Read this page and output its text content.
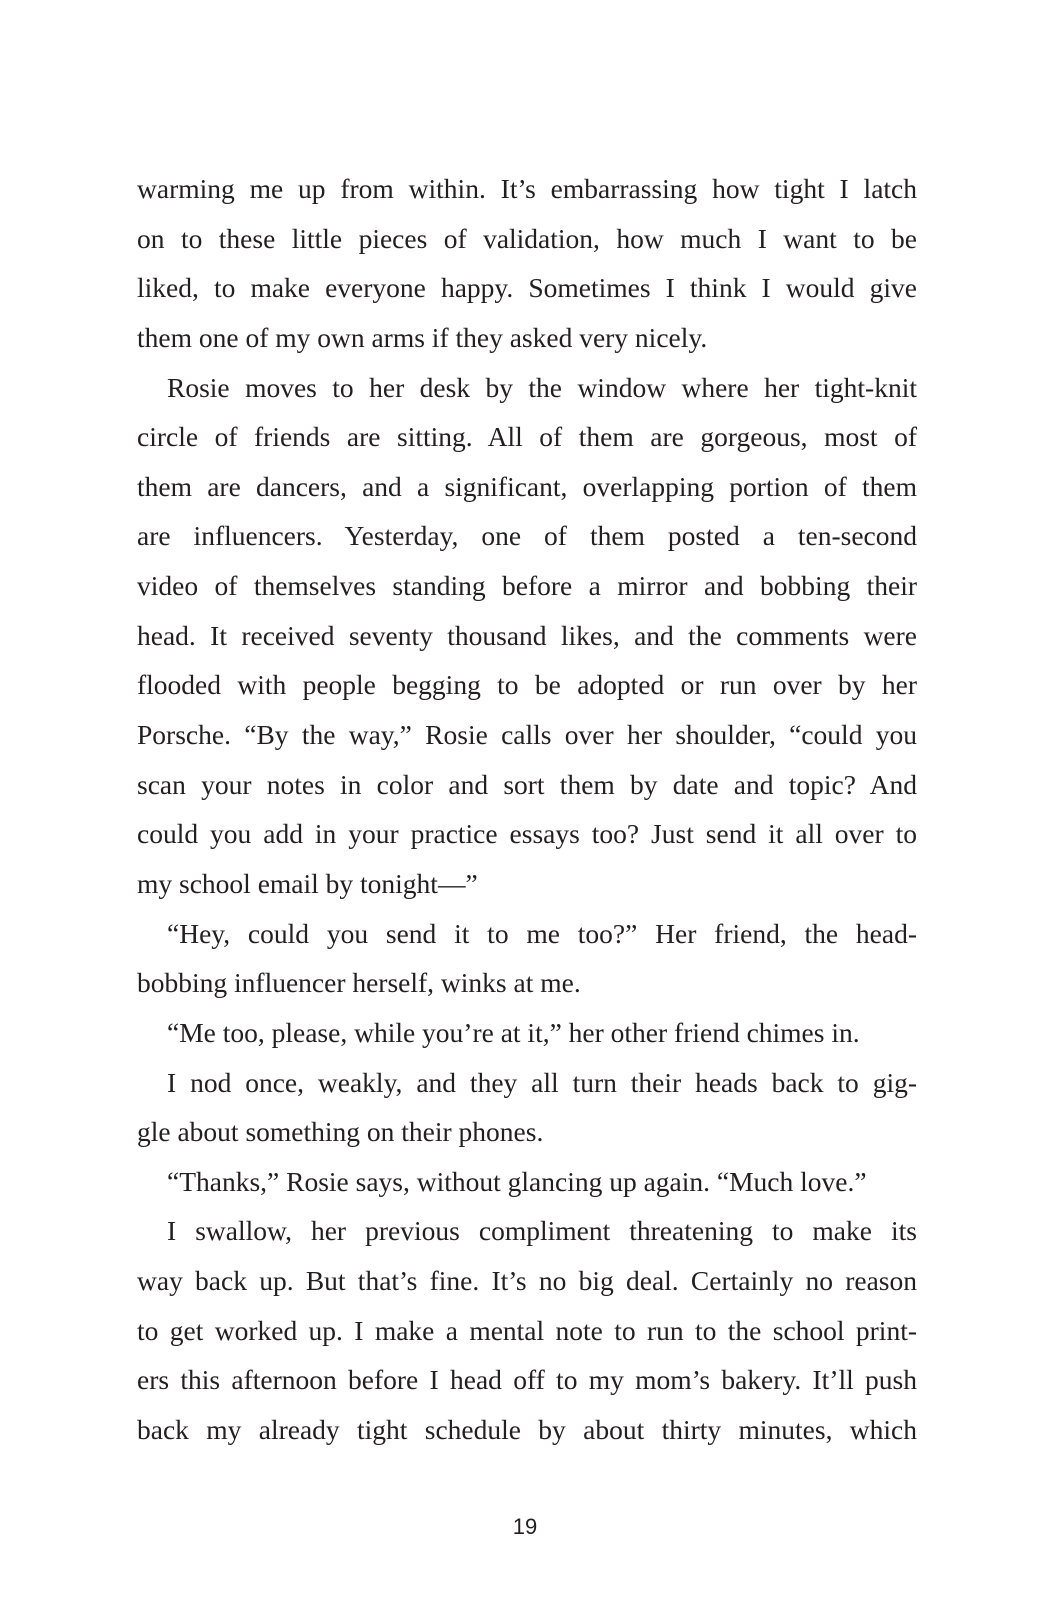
warming me up from within. It’s embarrassing how tight I latch
on to these little pieces of validation, how much I want to be
liked, to make everyone happy. Sometimes I think I would give
them one of my own arms if they asked very nicely.
Rosie moves to her desk by the window where her tight-knit
circle of friends are sitting. All of them are gorgeous, most of
them are dancers, and a significant, overlapping portion of them
are influencers. Yesterday, one of them posted a ten-second
video of themselves standing before a mirror and bobbing their
head. It received seventy thousand likes, and the comments were
flooded with people begging to be adopted or run over by her
Porsche. “By the way,” Rosie calls over her shoulder, “could you
scan your notes in color and sort them by date and topic? And
could you add in your practice essays too? Just send it all over to
my school email by tonight—”
“Hey, could you send it to me too?” Her friend, the head-
bobbing influencer herself, winks at me.
“Me too, please, while you’re at it,” her other friend chimes in.
I nod once, weakly, and they all turn their heads back to gig-
gle about something on their phones.
“Thanks,” Rosie says, without glancing up again. “Much love.”
I swallow, her previous compliment threatening to make its
way back up. But that’s fine. It’s no big deal. Certainly no reason
to get worked up. I make a mental note to run to the school print-
ers this afternoon before I head off to my mom’s bakery. It’ll push
back my already tight schedule by about thirty minutes, which
19
